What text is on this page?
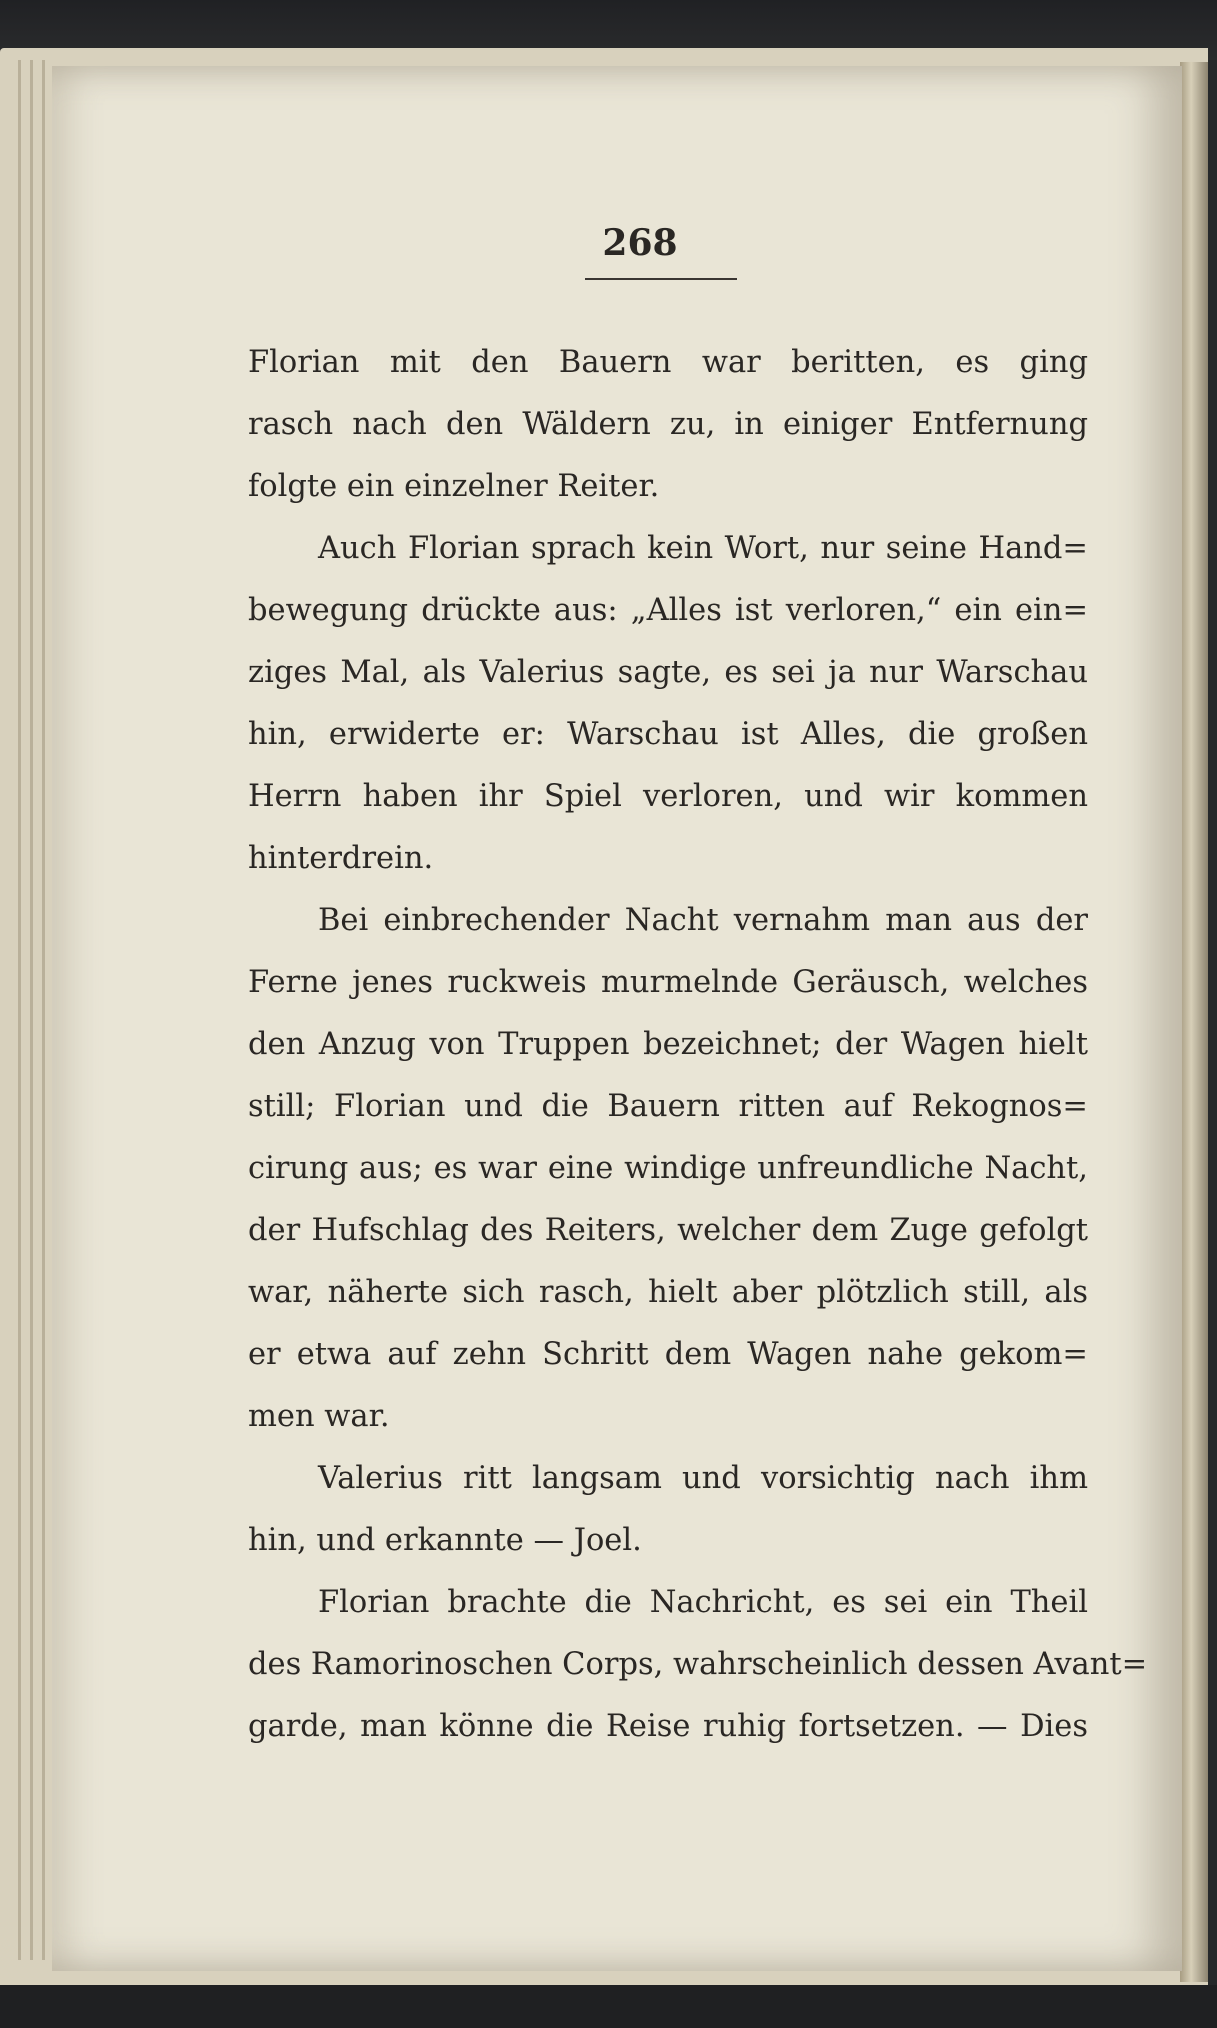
268
Florian mit den Bauern war beritten, es ging
rasch nach den Wäldern zu, in einiger Entfernung
folgte ein einzelner Reiter.
Auch Florian sprach kein Wort, nur seine Hand=
bewegung drückte aus: „Alles ist verloren,“ ein ein=
ziges Mal, als Valerius sagte, es sei ja nur Warschau
hin, erwiderte er: Warschau ist Alles, die großen
Herrn haben ihr Spiel verloren, und wir kommen
hinterdrein.
Bei einbrechender Nacht vernahm man aus der
Ferne jenes ruckweis murmelnde Geräusch, welches
den Anzug von Truppen bezeichnet; der Wagen hielt
still; Florian und die Bauern ritten auf Rekognos=
cirung aus; es war eine windige unfreundliche Nacht,
der Hufschlag des Reiters, welcher dem Zuge gefolgt
war, näherte sich rasch, hielt aber plötzlich still, als
er etwa auf zehn Schritt dem Wagen nahe gekom=
men war.
Valerius ritt langsam und vorsichtig nach ihm
hin, und erkannte — Joel.
Florian brachte die Nachricht, es sei ein Theil
des Ramorinoschen Corps, wahrscheinlich dessen Avant=
garde, man könne die Reise ruhig fortsetzen. — Dies
